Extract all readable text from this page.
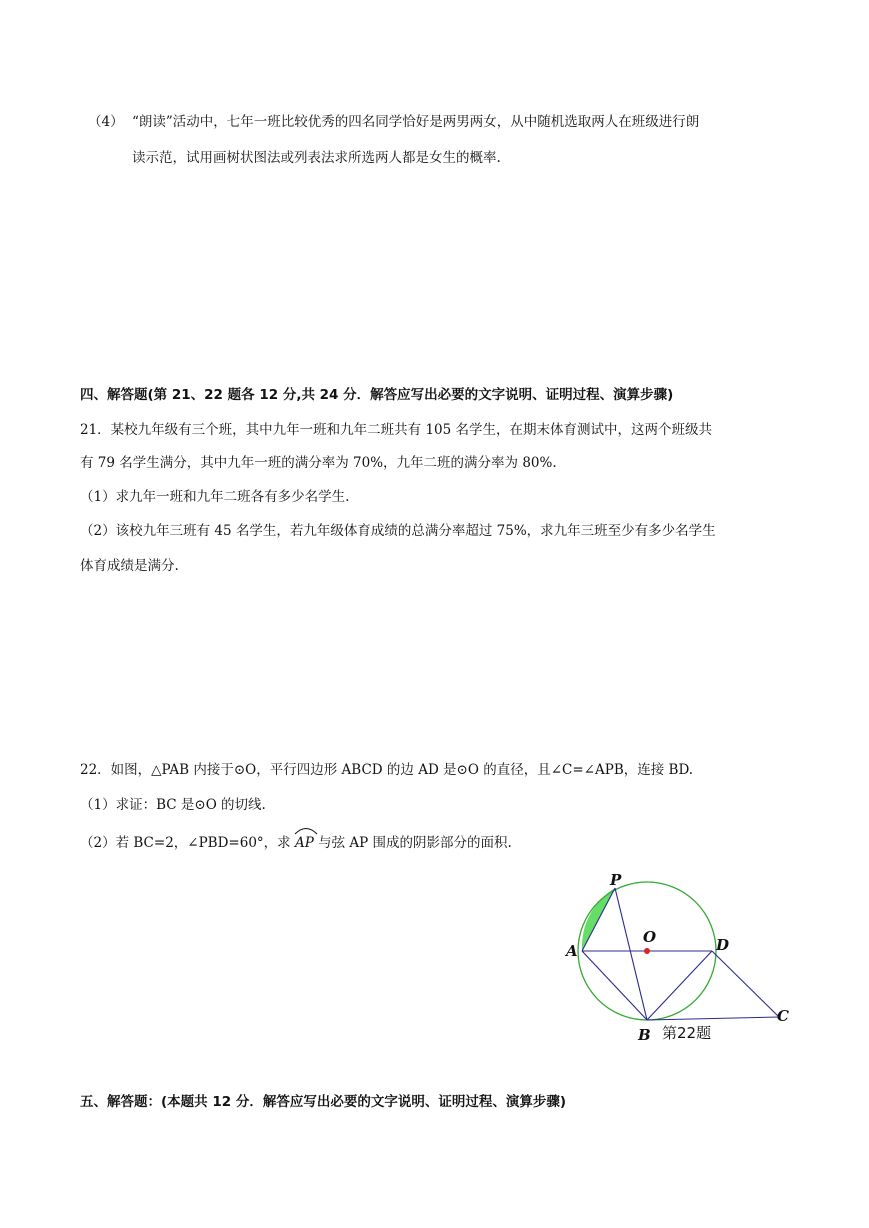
（4） “朗读”活动中，七年一班比较优秀的四名同学恰好是两男两女，从中随机选取两人在班级进行朗
读示范，试用画树状图法或列表法求所选两人都是女生的概率.
四、解答题(第 21、22 题各 12 分,共 24 分．解答应写出必要的文字说明、证明过程、演算步骤)
21．某校九年级有三个班，其中九年一班和九年二班共有 105 名学生，在期末体育测试中，这两个班级共
有 79 名学生满分，其中九年一班的满分率为 70%，九年二班的满分率为 80%.
（1）求九年一班和九年二班各有多少名学生.
（2）该校九年三班有 45 名学生，若九年级体育成绩的总满分率超过 75%，求九年三班至少有多少名学生
体育成绩是满分.
22．如图，△PAB 内接于⊙O，平行四边形 ABCD 的边 AD 是⊙O 的直径，且∠C=∠APB，连接 BD.
（1）求证：BC 是⊙O 的切线.
（2）若 BC=2，∠PBD=60°，求 AP 与弦 AP 围成的阴影部分的面积.
P
O
A	D
B
C
第22题
五、解答题：(本题共 12 分．解答应写出必要的文字说明、证明过程、演算步骤)
